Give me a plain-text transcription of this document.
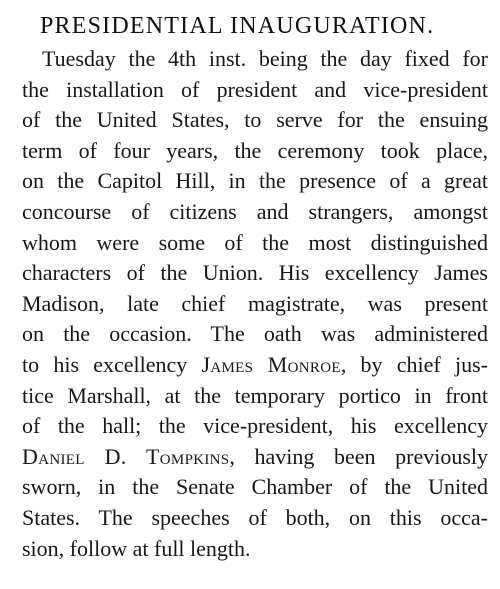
PRESIDENTIAL INAUGURATION.
Tuesday the 4th inst. being the day fixed for
the installation of president and vice-president
of the United States, to serve for the ensuing
term of four years, the ceremony took place,
on the Capitol Hill, in the presence of a great
concourse of citizens and strangers, amongst
whom were some of the most distinguished
characters of the Union. His excellency James
Madison, late chief magistrate, was present
on the occasion. The oath was administered
to his excellency James Monroe, by chief jus-
tice Marshall, at the temporary portico in front
of the hall; the vice-president, his excellency
Daniel D. Tompkins, having been previously
sworn, in the Senate Chamber of the United
States. The speeches of both, on this occa-
sion, follow at full length.
